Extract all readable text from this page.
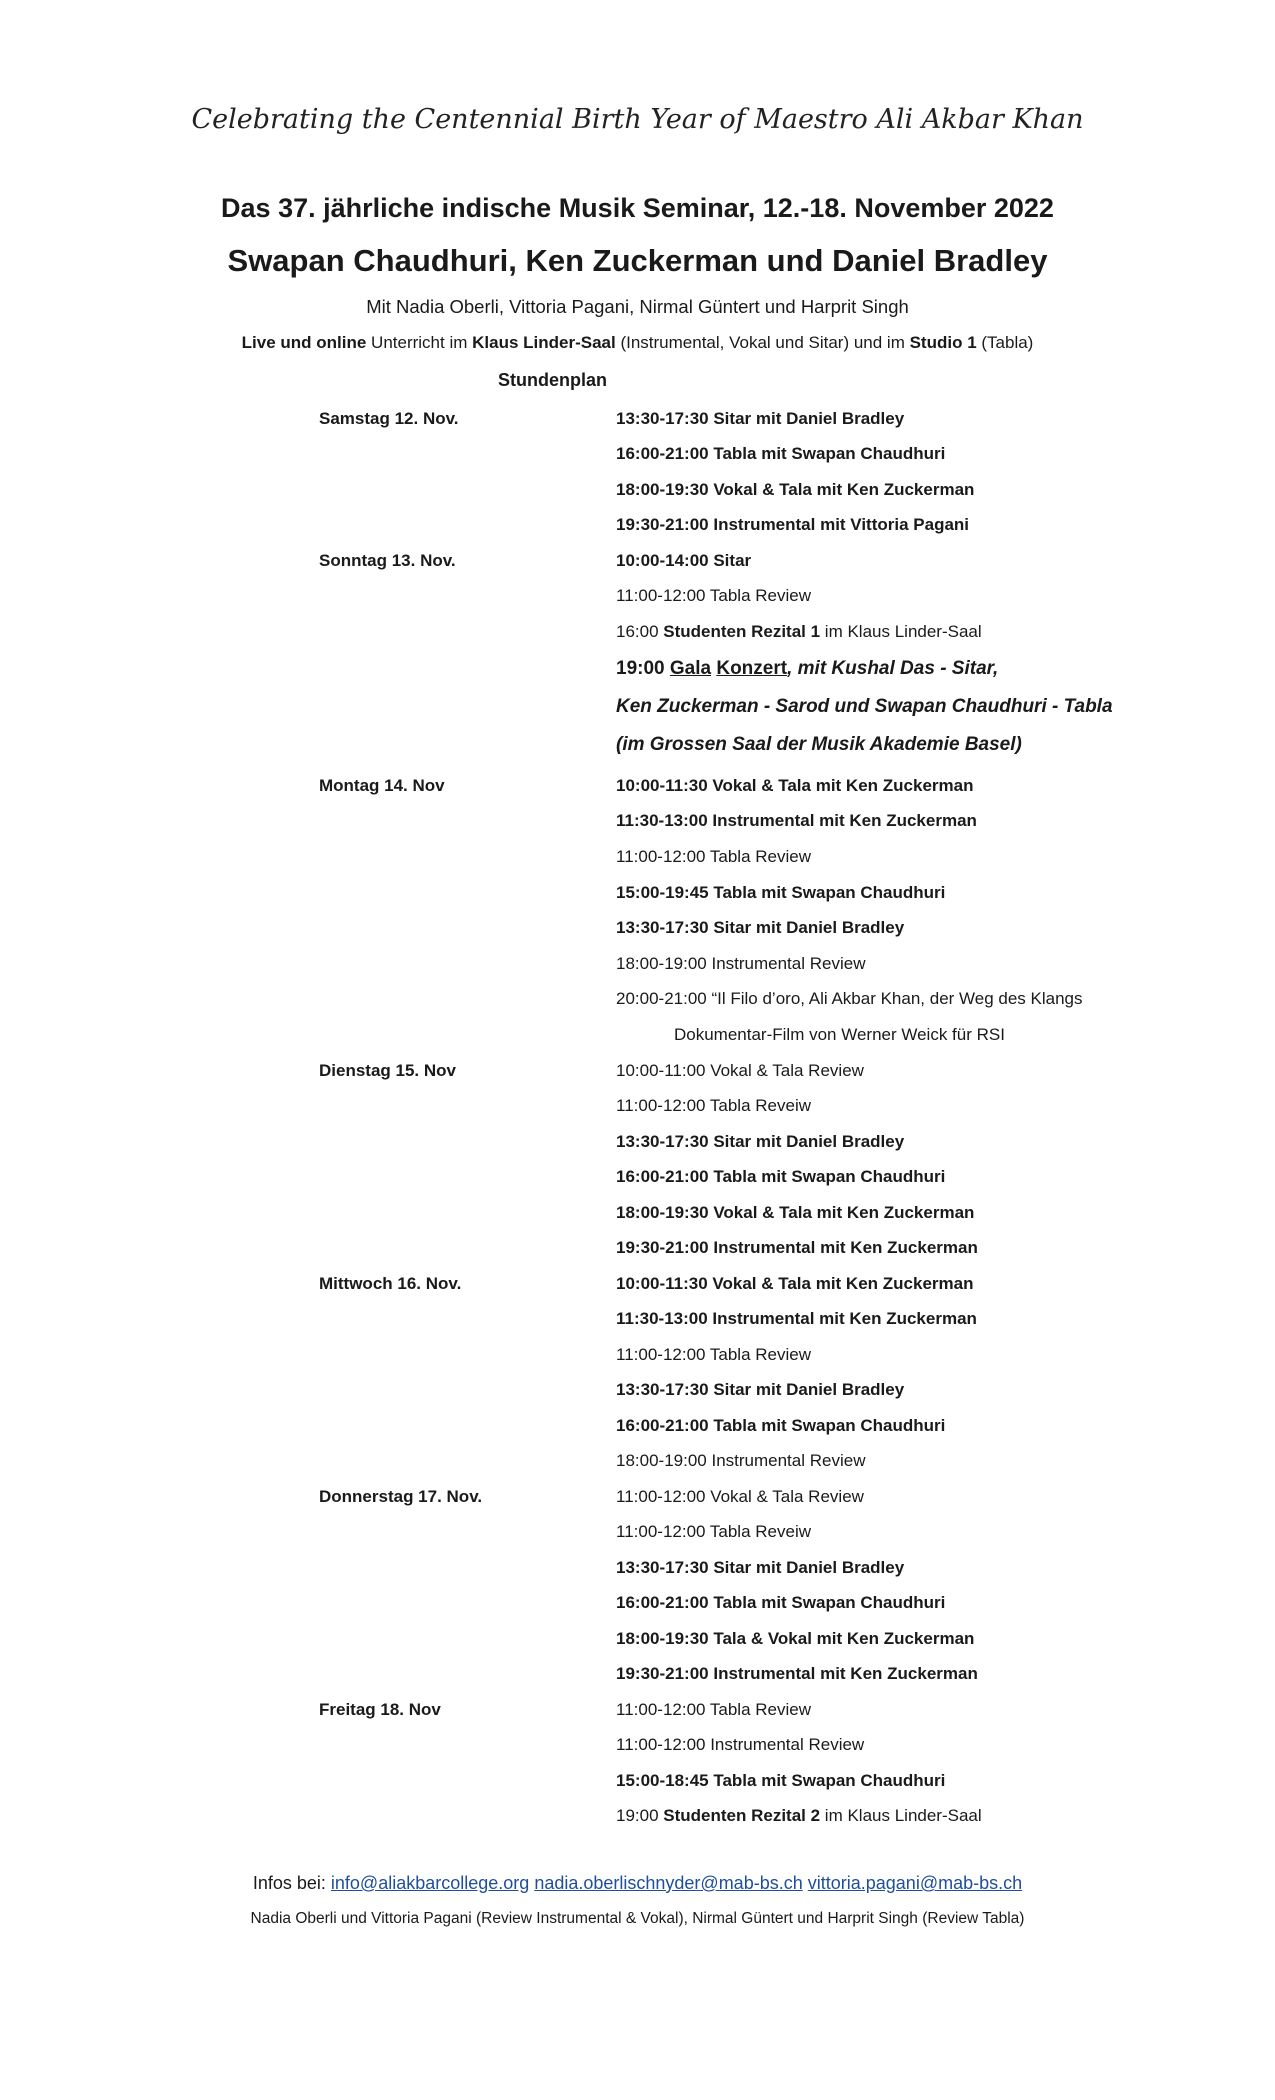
Celebrating the Centennial Birth Year of Maestro Ali Akbar Khan
Das 37. jährliche indische Musik Seminar, 12.-18. November 2022
Swapan Chaudhuri, Ken Zuckerman und Daniel Bradley
Mit Nadia Oberli, Vittoria Pagani, Nirmal Güntert und Harprit Singh
Live und online Unterricht im Klaus Linder-Saal (Instrumental, Vokal und Sitar) und im Studio 1 (Tabla)
Stundenplan
Samstag 12. Nov.
Sonntag 13. Nov.
Montag 14. Nov
Dienstag 15. Nov
Mittwoch 16. Nov.
Donnerstag 17. Nov.
Freitag 18. Nov
13:30-17:30 Sitar mit Daniel Bradley
16:00-21:00 Tabla mit Swapan Chaudhuri
18:00-19:30 Vokal & Tala mit Ken Zuckerman
19:30-21:00 Instrumental mit Vittoria Pagani
10:00-14:00 Sitar
11:00-12:00 Tabla Review
16:00 Studenten Rezital 1 im Klaus Linder-Saal
19:00 Gala Konzert, mit Kushal Das - Sitar,
Ken Zuckerman - Sarod und Swapan Chaudhuri - Tabla
(im Grossen Saal der Musik Akademie Basel)
10:00-11:30 Vokal & Tala mit Ken Zuckerman
11:30-13:00 Instrumental mit Ken Zuckerman
11:00-12:00 Tabla Review
15:00-19:45 Tabla mit Swapan Chaudhuri
13:30-17:30 Sitar mit Daniel Bradley
18:00-19:00 Instrumental Review
20:00-21:00 “Il Filo d’oro, Ali Akbar Khan, der Weg des Klangs
Dokumentar-Film von Werner Weick für RSI
10:00-11:00 Vokal & Tala Review
11:00-12:00 Tabla Reveiw
13:30-17:30 Sitar mit Daniel Bradley
16:00-21:00 Tabla mit Swapan Chaudhuri
18:00-19:30 Vokal & Tala mit Ken Zuckerman
19:30-21:00 Instrumental mit Ken Zuckerman
10:00-11:30 Vokal & Tala mit Ken Zuckerman
11:30-13:00 Instrumental mit Ken Zuckerman
11:00-12:00 Tabla Review
13:30-17:30 Sitar mit Daniel Bradley
16:00-21:00 Tabla mit Swapan Chaudhuri
18:00-19:00 Instrumental Review
11:00-12:00 Vokal & Tala Review
11:00-12:00 Tabla Reveiw
13:30-17:30 Sitar mit Daniel Bradley
16:00-21:00 Tabla mit Swapan Chaudhuri
18:00-19:30 Tala & Vokal mit Ken Zuckerman
19:30-21:00 Instrumental mit Ken Zuckerman
11:00-12:00 Tabla Review
11:00-12:00 Instrumental Review
15:00-18:45 Tabla mit Swapan Chaudhuri
19:00 Studenten Rezital 2 im Klaus Linder-Saal
Infos bei: info@aliakbarcollege.org nadia.oberlischnyder@mab-bs.ch vittoria.pagani@mab-bs.ch
Nadia Oberli und Vittoria Pagani (Review Instrumental & Vokal), Nirmal Güntert und Harprit Singh (Review Tabla)
